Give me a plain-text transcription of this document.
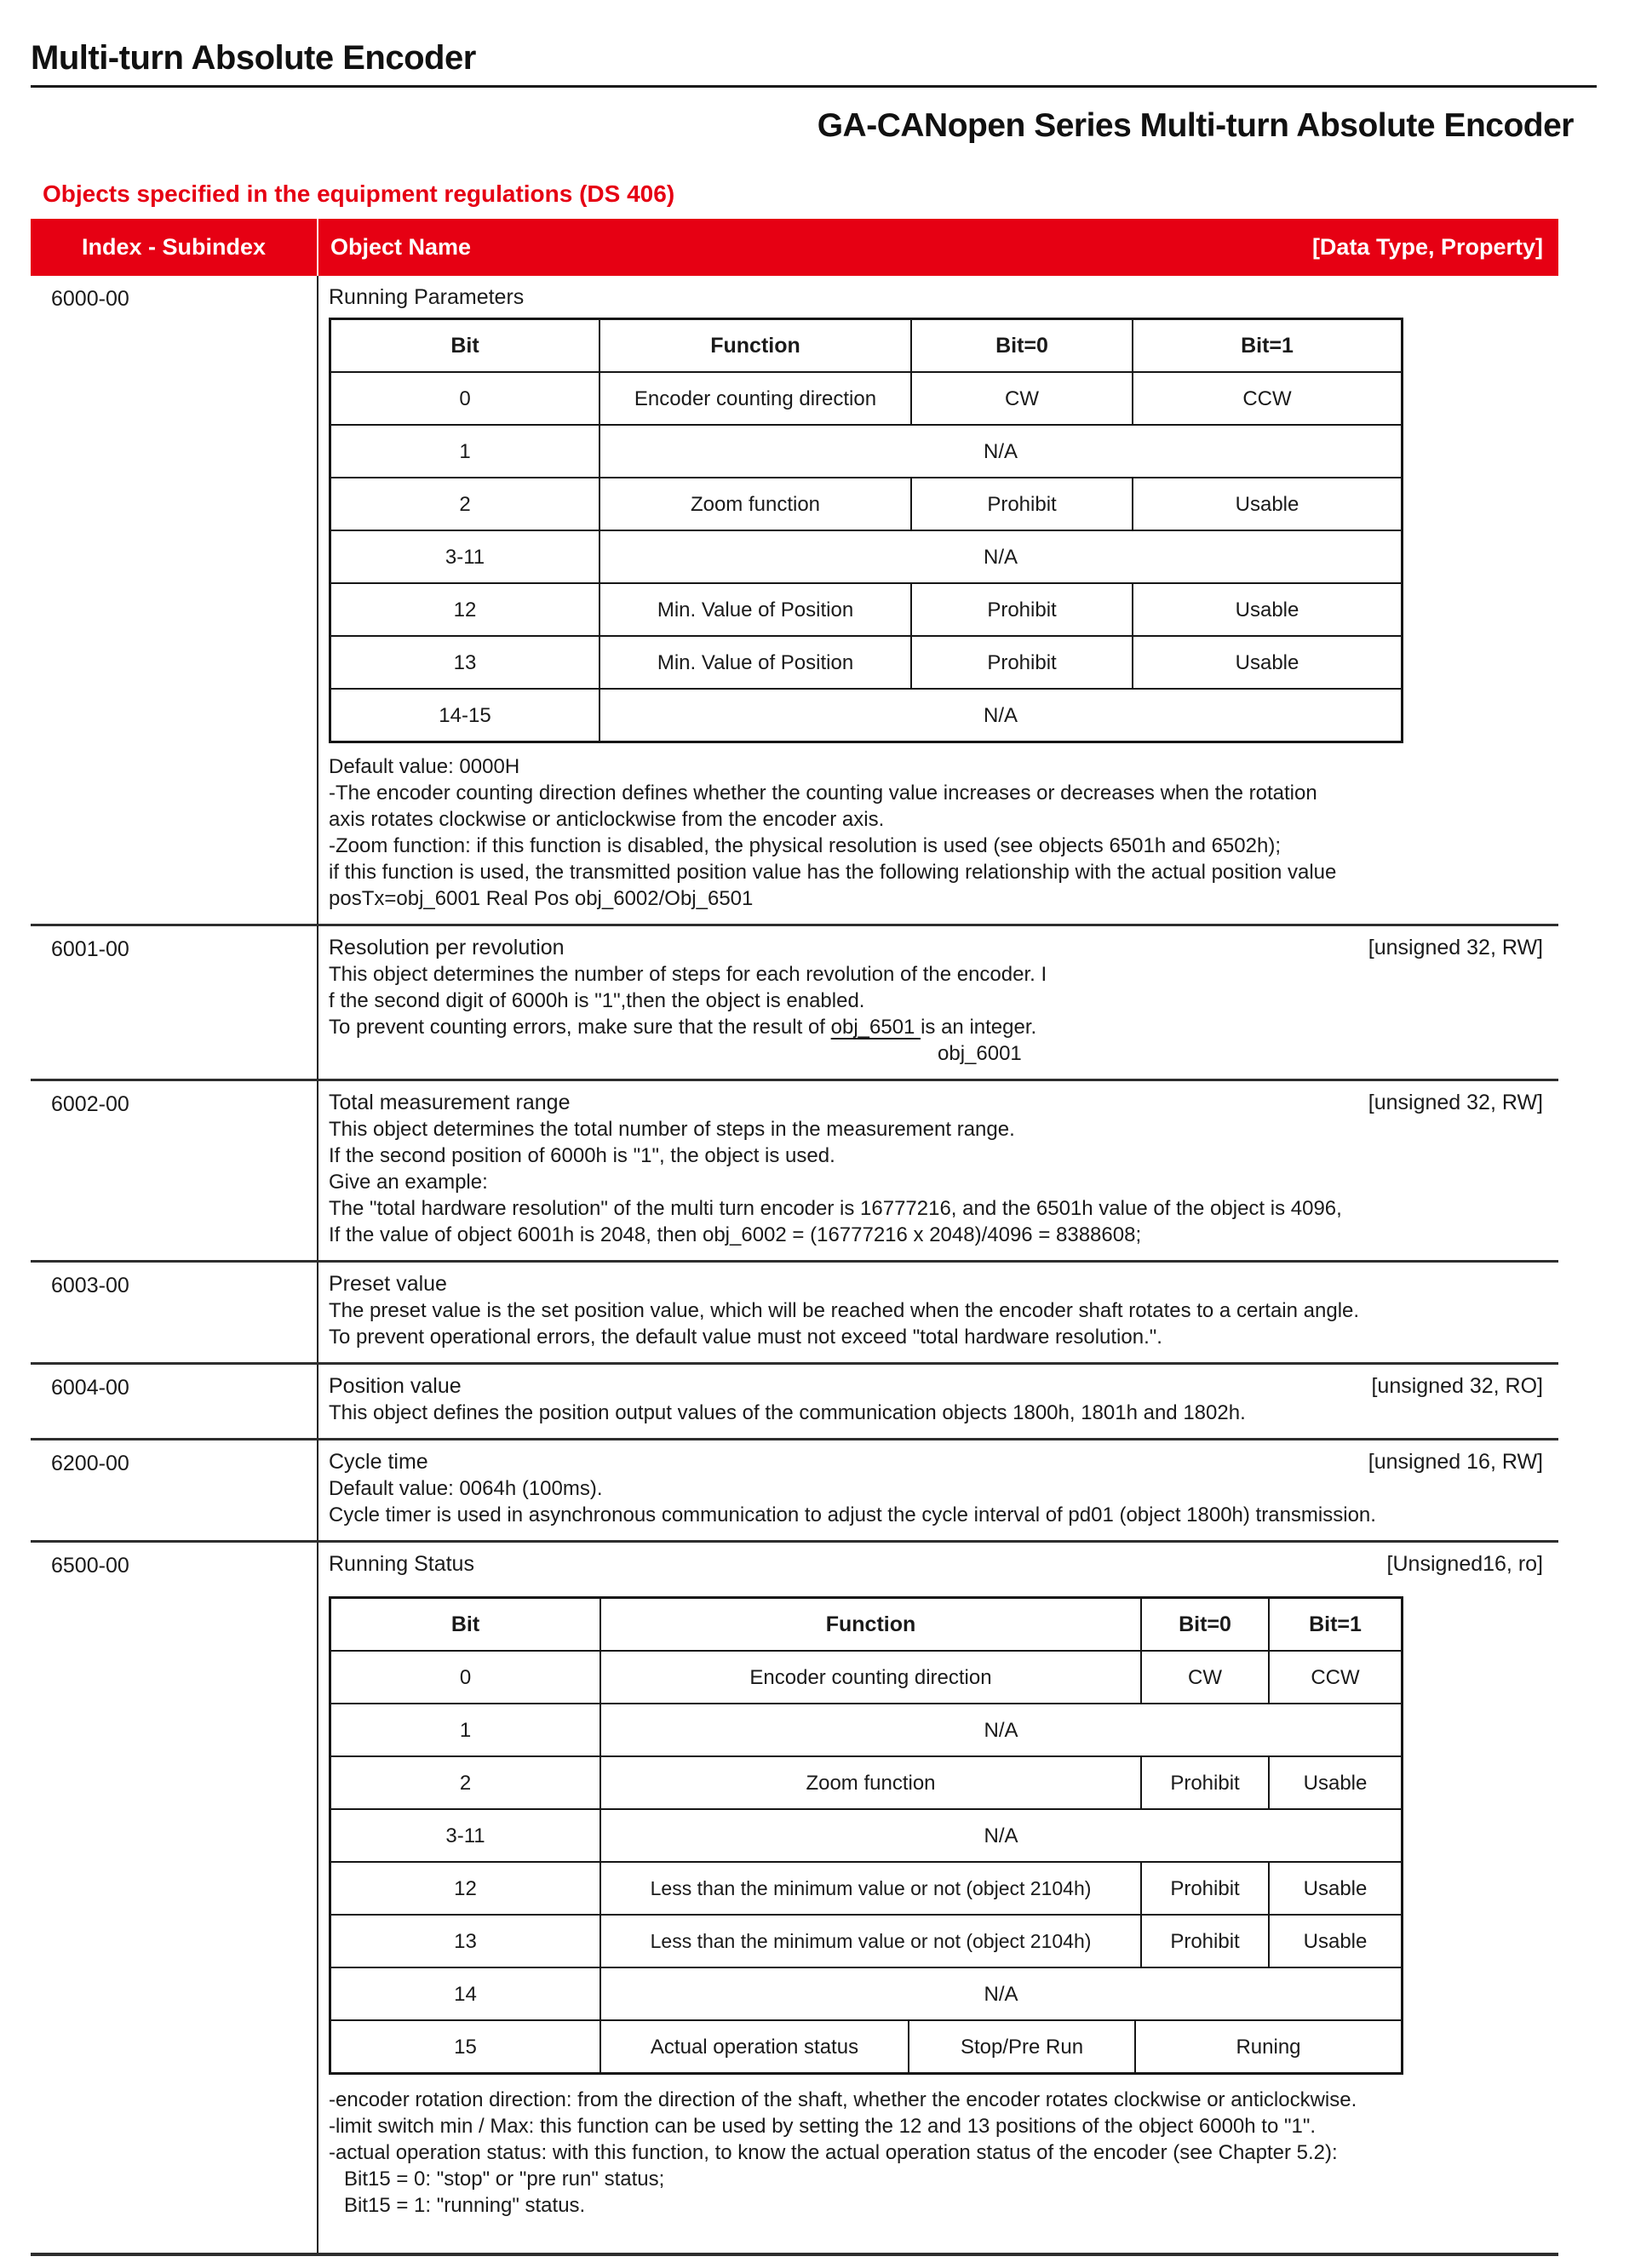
Multi-turn Absolute Encoder
GA-CANopen Series Multi-turn Absolute Encoder
Objects specified in the equipment regulations (DS 406)
Index - Subindex	Object Name	[Data Type, Property]
6000-00	Running Parameters
Bit	Function	Bit=0	Bit=1
0	Encoder counting direction	CW	CCW
1	N/A
2	Zoom function	Prohibit	Usable
3-11	N/A
12	Min. Value of Position	Prohibit	Usable
13	Min. Value of Position	Prohibit	Usable
14-15	N/A
Default value: 0000H
-The encoder counting direction defines whether the counting value increases or decreases when the rotation
axis rotates clockwise or anticlockwise from the encoder axis.
-Zoom function: if this function is disabled, the physical resolution is used (see objects 6501h and 6502h);
if this function is used, the transmitted position value has the following relationship with the actual position value
posTx=obj_6001 Real Pos obj_6002/Obj_6501
6001-00	Resolution per revolution	[unsigned 32, RW]
This object determines the number of steps for each revolution of the encoder. I
f the second digit of 6000h is "1",then the object is enabled.
To prevent counting errors, make sure that the result of obj_6501 is an integer.
obj_6001
6002-00	Total measurement range	[unsigned 32, RW]
This object determines the total number of steps in the measurement range.
If the second position of 6000h is "1", the object is used.
Give an example:
The "total hardware resolution" of the multi turn encoder is 16777216, and the 6501h value of the object is 4096,
If the value of object 6001h is 2048, then obj_6002 = (16777216 x 2048)/4096 = 8388608;
6003-00	Preset value
The preset value is the set position value, which will be reached when the encoder shaft rotates to a certain angle.
To prevent operational errors, the default value must not exceed "total hardware resolution.".
6004-00	Position value	[unsigned 32, RO]
This object defines the position output values of the communication objects 1800h, 1801h and 1802h.
6200-00	Cycle time	[unsigned 16, RW]
Default value: 0064h (100ms).
Cycle timer is used in asynchronous communication to adjust the cycle interval of pd01 (object 1800h) transmission.
6500-00	Running Status	[Unsigned16, ro]
Bit	Function	Bit=0	Bit=1
0	Encoder counting direction	CW	CCW
1	N/A
2	Zoom function	Prohibit	Usable
3-11	N/A
12	Less than the minimum value or not (object 2104h)	Prohibit	Usable
13	Less than the minimum value or not (object 2104h)	Prohibit	Usable
14	N/A
15	Actual operation status	Stop/Pre Run	Runing
-encoder rotation direction: from the direction of the shaft, whether the encoder rotates clockwise or anticlockwise.
-limit switch min / Max: this function can be used by setting the 12 and 13 positions of the object 6000h to "1".
-actual operation status: with this function, to know the actual operation status of the encoder (see Chapter 5.2):
Bit15 = 0: "stop" or "pre run" status;
Bit15 = 1: "running" status.
